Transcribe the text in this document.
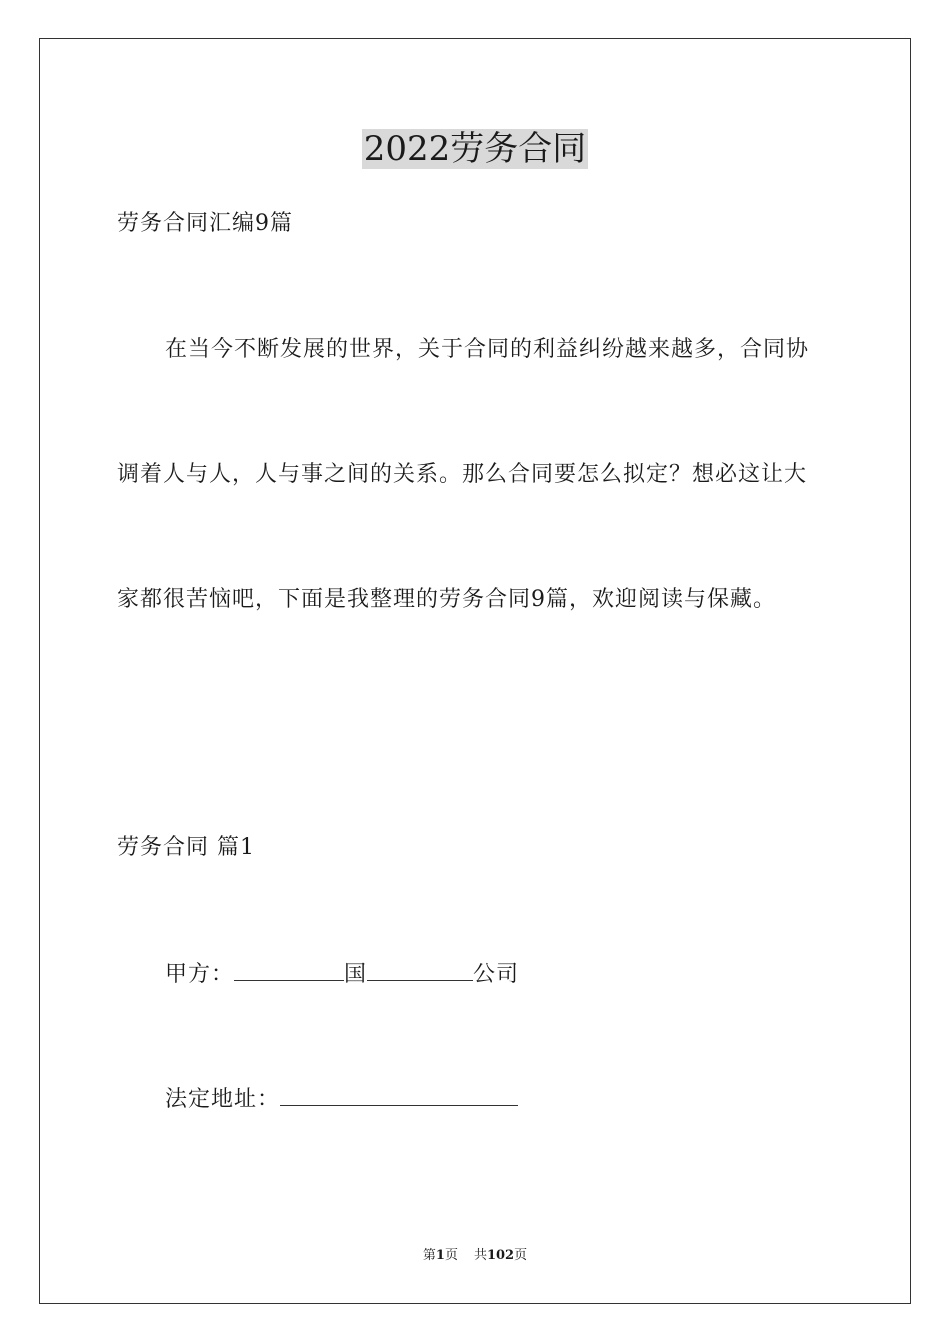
2022劳务合同
劳务合同汇编9篇
在当今不断发展的世界，关于合同的利益纠纷越来越多，合同协
调着人与人，人与事之间的关系。那么合同要怎么拟定？想必这让大
家都很苦恼吧，下面是我整理的劳务合同9篇，欢迎阅读与保藏。
劳务合同 篇1
甲方：	国	公司
法定地址：
第1页 共102页
